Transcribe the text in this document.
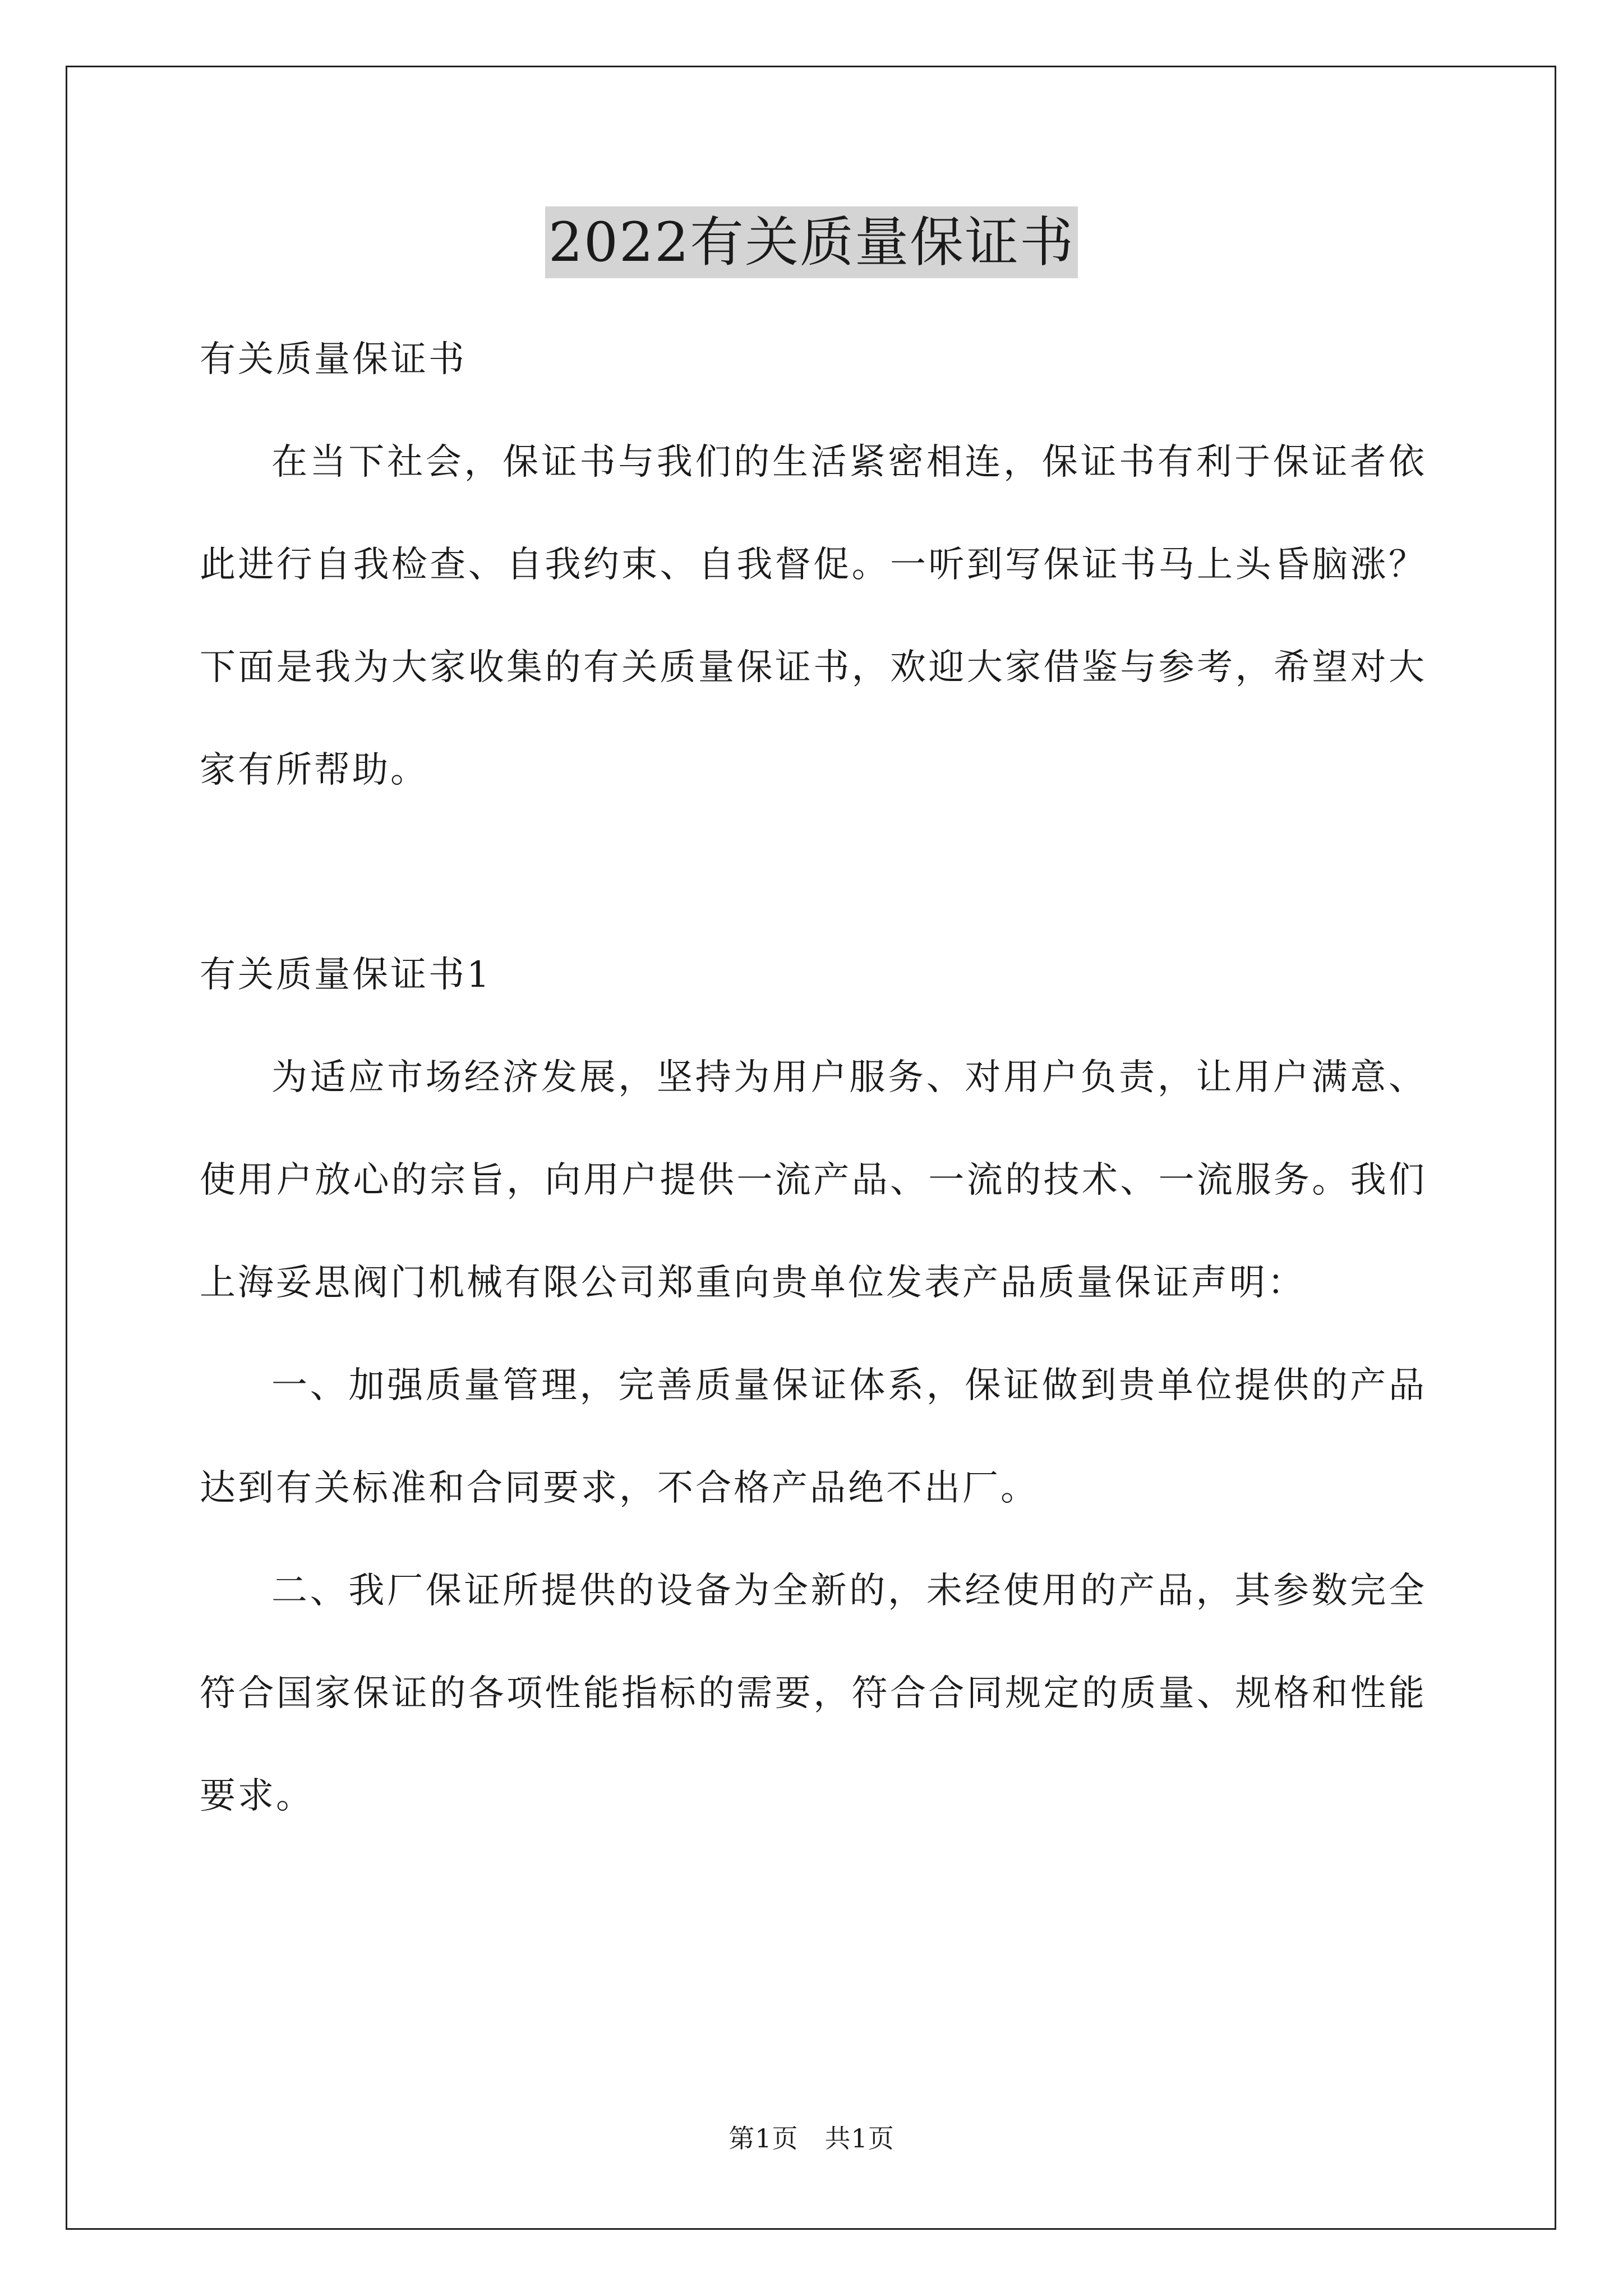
2022有关质量保证书

有关质量保证书

在当下社会，保证书与我们的生活紧密相连，保证书有利于保证者依此进行自我检查、自我约束、自我督促。一听到写保证书马上头昏脑涨？下面是我为大家收集的有关质量保证书，欢迎大家借鉴与参考，希望对大家有所帮助。

有关质量保证书1

为适应市场经济发展，坚持为用户服务、对用户负责，让用户满意、使用户放心的宗旨，向用户提供一流产品、一流的技术、一流服务。我们上海妥思阀门机械有限公司郑重向贵单位发表产品质量保证声明：

一、加强质量管理，完善质量保证体系，保证做到贵单位提供的产品达到有关标准和合同要求，不合格产品绝不出厂。

二、我厂保证所提供的设备为全新的，未经使用的产品，其参数完全符合国家保证的各项性能指标的需要，符合合同规定的质量、规格和性能要求。

第1页　共1页
